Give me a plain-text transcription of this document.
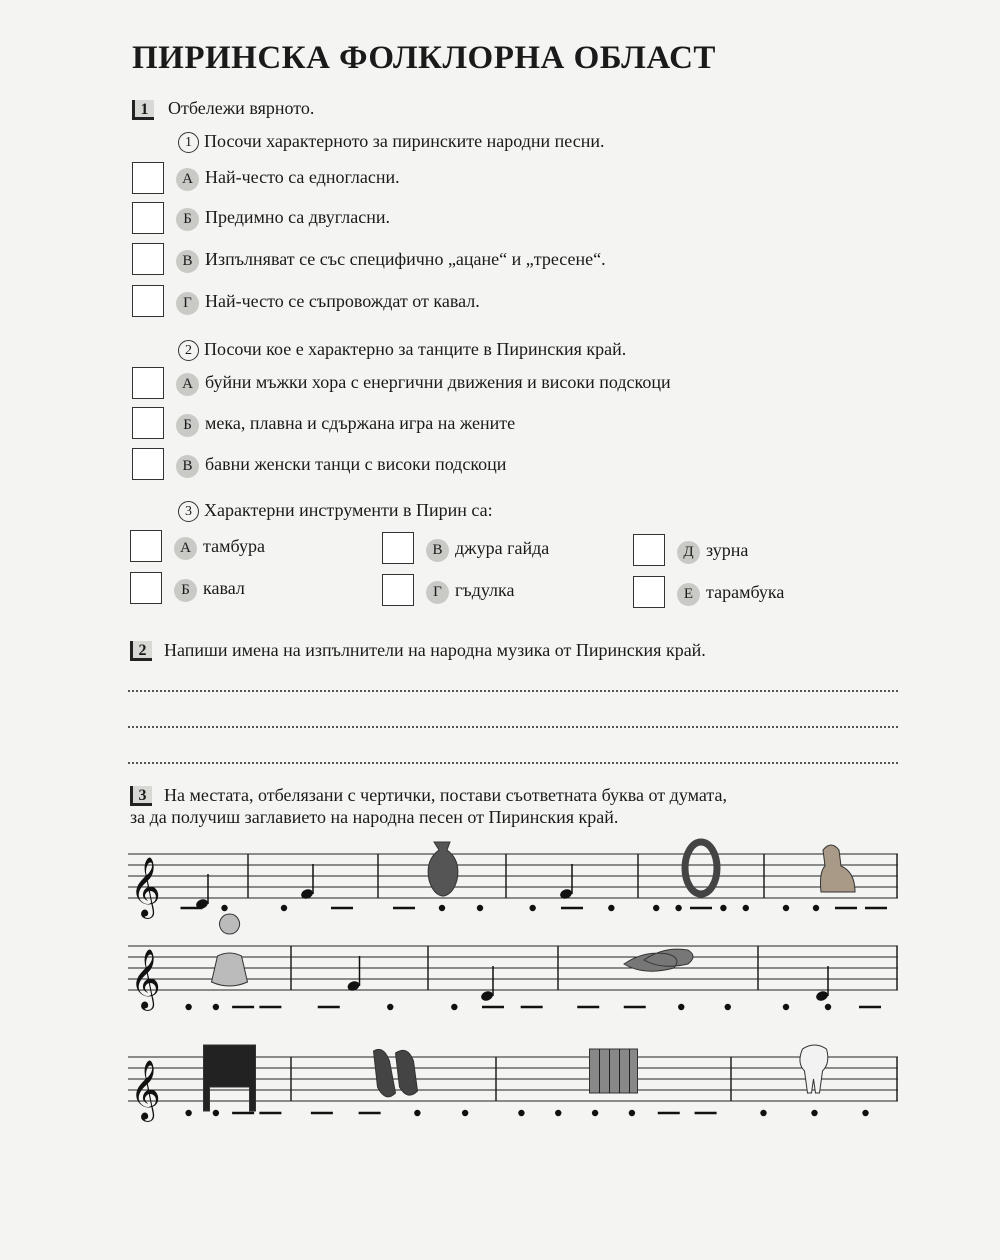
ПИРИНСКА ФОЛКЛОРНА ОБЛАСТ
1	Отбележи вярното.
1 Посочи характерното за пиринските народни песни.
А Най-често са едногласни.
Б Предимно са двугласни.
В Изпълняват се със специфично „ацане“ и „тресене“.
Г Най-често се съпровождат от кавал.
2 Посочи кое е характерно за танците в Пиринския край.
А буйни мъжки хора с енергични движения и високи подскоци
Б мека, плавна и сдържана игра на жените
В бавни женски танци с високи подскоци
3 Характерни инструменти в Пирин са:
А тамбура
Б кавал
В джура гайда
Г гъдулка
Д зурна
Е тарамбука
2 Напиши имена на изпълнители на народна музика от Пиринския край.
3 На местата, отбелязани с чертички, постави съответната буква от думата,
за да получиш заглавието на народна песен от Пиринския край.
𝄞
𝄞
𝄞
